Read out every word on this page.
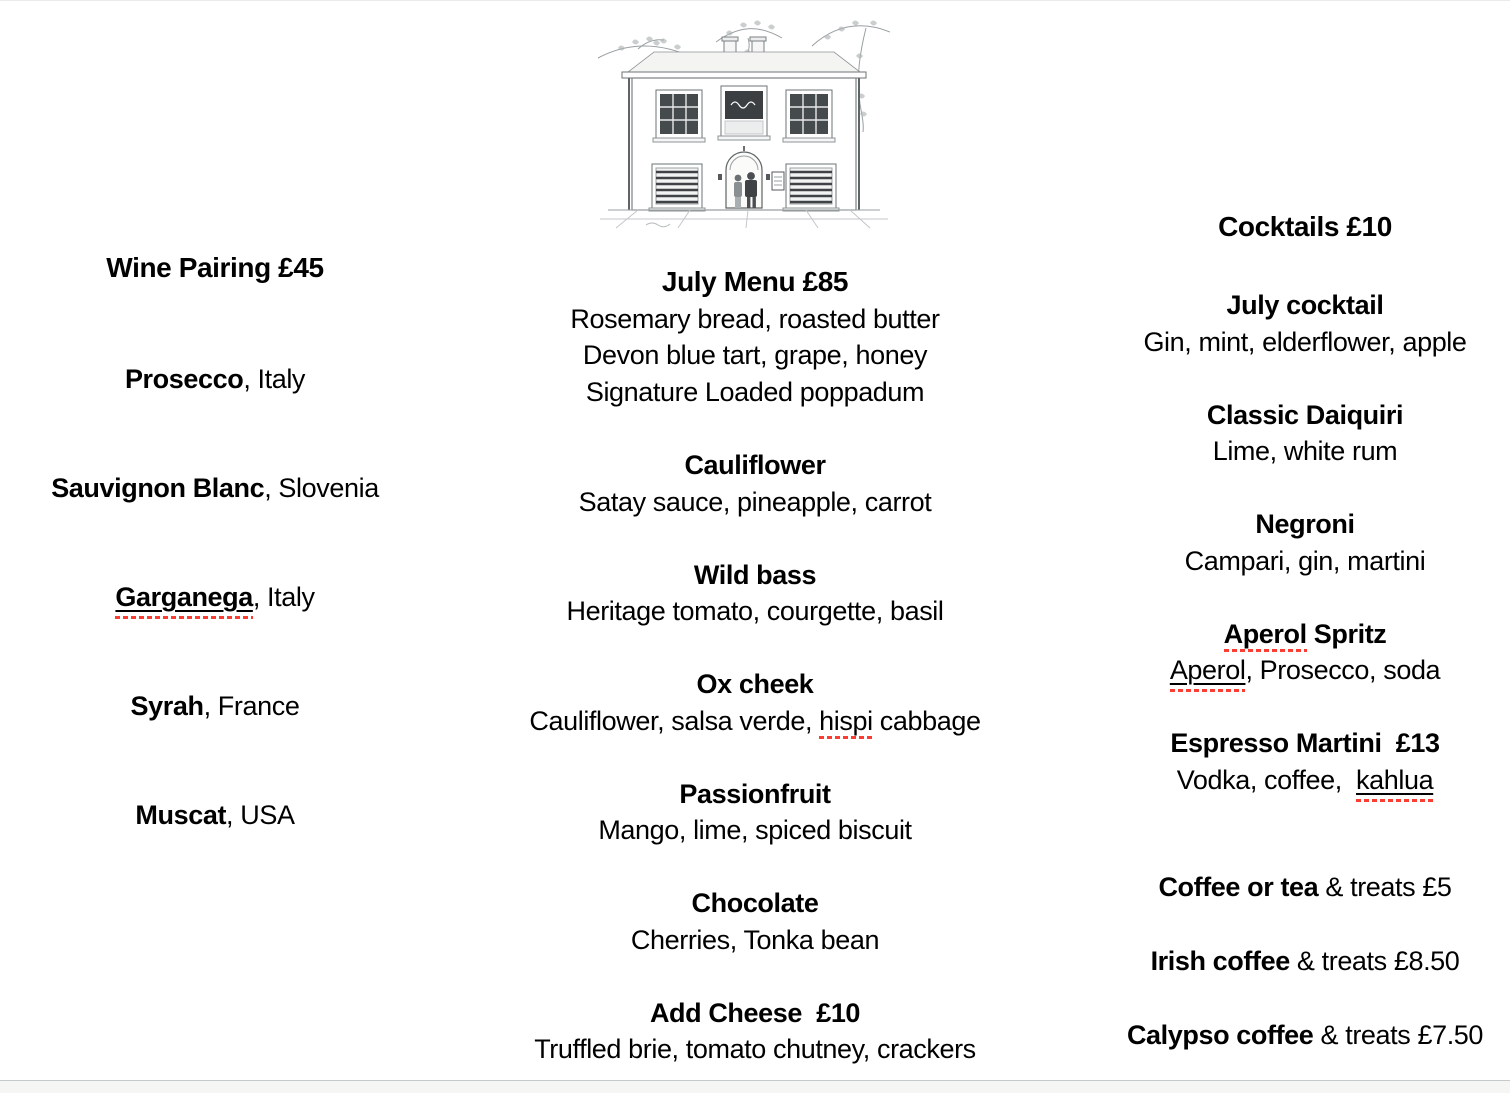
Wine Pairing £45
Prosecco, Italy
Sauvignon Blanc, Slovenia
Garganega, Italy
Syrah, France
Muscat, USA
July Menu £85
Rosemary bread, roasted butter
Devon blue tart, grape, honey
Signature Loaded poppadum
Cauliflower
Satay sauce, pineapple, carrot
Wild bass
Heritage tomato, courgette, basil
Ox cheek
Cauliflower, salsa verde, hispi cabbage
Passionfruit
Mango, lime, spiced biscuit
Chocolate
Cherries, Tonka bean
Add Cheese  £10
Truffled brie, tomato chutney, crackers
Cocktails £10
July cocktail
Gin, mint, elderflower, apple
Classic Daiquiri
Lime, white rum
Negroni
Campari, gin, martini
Aperol Spritz
Aperol, Prosecco, soda
Espresso Martini  £13
Vodka, coffee,  kahlua
Coffee or tea & treats £5
Irish coffee & treats £8.50
Calypso coffee & treats £7.50
